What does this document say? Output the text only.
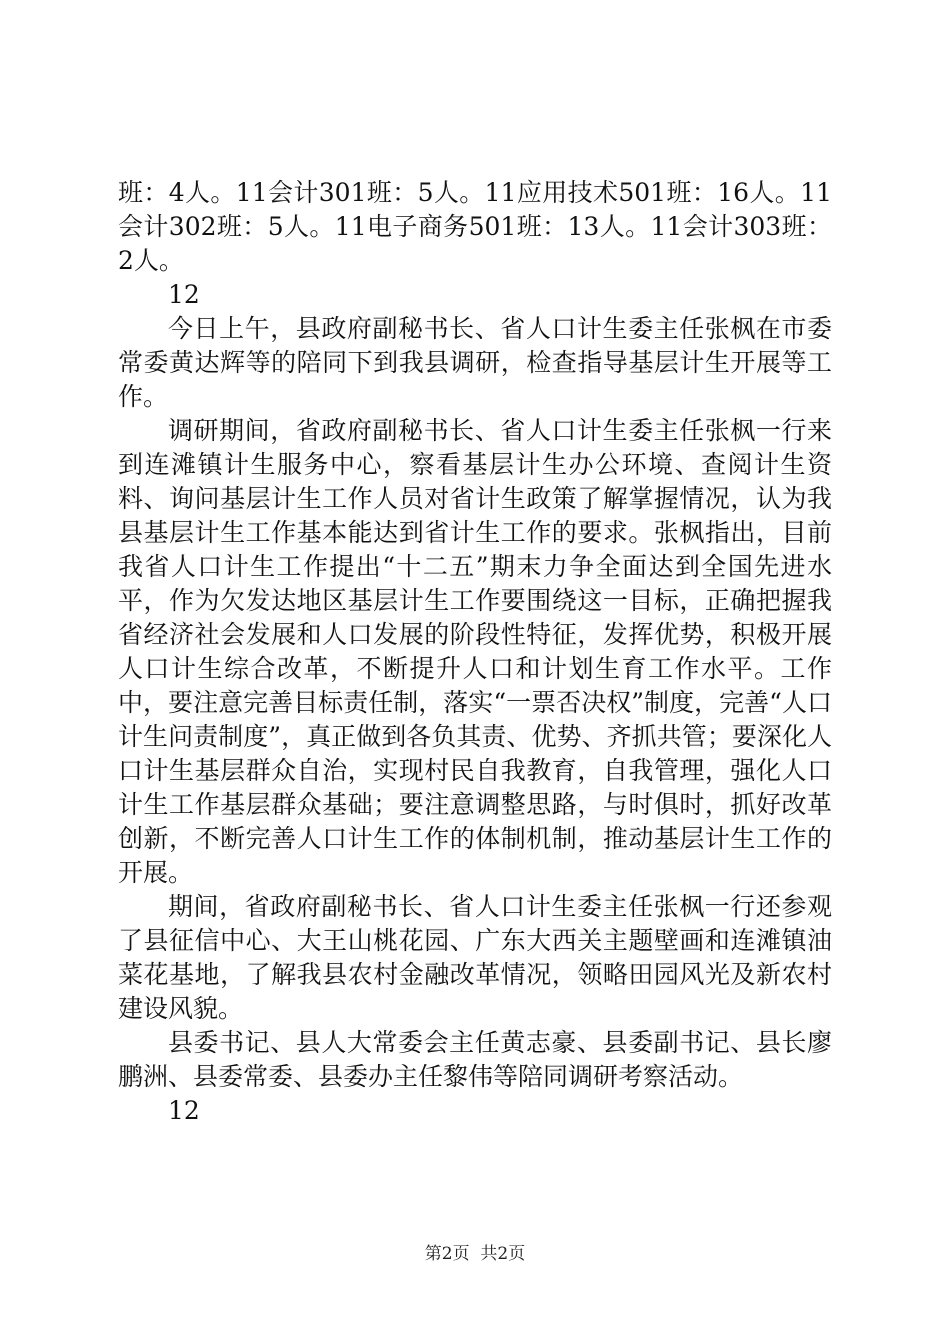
班：4人。11会计301班：5人。11应用技术501班：16人。11会计302班：5人。11电子商务501班：13人。11会计303班：2人。

12

今日上午，县政府副秘书长、省人口计生委主任张枫在市委常委黄达辉等的陪同下到我县调研，检查指导基层计生开展等工作。

调研期间，省政府副秘书长、省人口计生委主任张枫一行来到连滩镇计生服务中心，察看基层计生办公环境、查阅计生资料、询问基层计生工作人员对省计生政策了解掌握情况，认为我县基层计生工作基本能达到省计生工作的要求。张枫指出，目前我省人口计生工作提出“十二五”期末力争全面达到全国先进水平，作为欠发达地区基层计生工作要围绕这一目标，正确把握我省经济社会发展和人口发展的阶段性特征，发挥优势，积极开展人口计生综合改革，不断提升人口和计划生育工作水平。工作中，要注意完善目标责任制，落实“一票否决权”制度，完善“人口计生问责制度”，真正做到各负其责、优势、齐抓共管；要深化人口计生基层群众自治，实现村民自我教育，自我管理，强化人口计生工作基层群众基础；要注意调整思路，与时俱时，抓好改革创新，不断完善人口计生工作的体制机制，推动基层计生工作的开展。

期间，省政府副秘书长、省人口计生委主任张枫一行还参观了县征信中心、大王山桃花园、广东大西关主题壁画和连滩镇油菜花基地，了解我县农村金融改革情况，领略田园风光及新农村建设风貌。

县委书记、县人大常委会主任黄志豪、县委副书记、县长廖鹏洲、县委常委、县委办主任黎伟等陪同调研考察活动。

12

第2页  共2页
